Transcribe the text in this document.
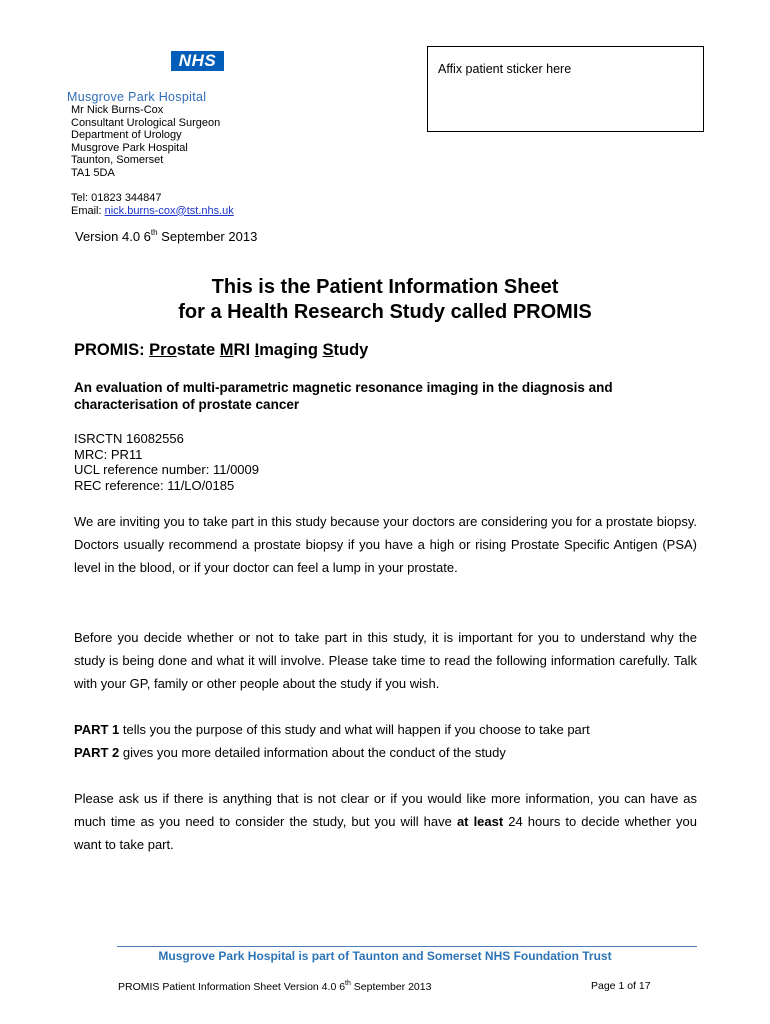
NHS
Musgrove Park Hospital
Mr Nick Burns-Cox
Consultant Urological Surgeon
Department of Urology
Musgrove Park Hospital
Taunton, Somerset
TA1 5DA
Tel: 01823 344847
Email: nick.burns-cox@tst.nhs.uk
Affix patient sticker here
Version 4.0 6th September 2013
This is the Patient Information Sheet
for a Health Research Study called PROMIS
PROMIS: Prostate MRI Imaging Study
An evaluation of multi-parametric magnetic resonance imaging in the diagnosis and characterisation of prostate cancer
ISRCTN 16082556
MRC: PR11
UCL reference number: 11/0009
REC reference: 11/LO/0185
We are inviting you to take part in this study because your doctors are considering you for a prostate biopsy. Doctors usually recommend a prostate biopsy if you have a high or rising Prostate Specific Antigen (PSA) level in the blood, or if your doctor can feel a lump in your prostate.
Before you decide whether or not to take part in this study, it is important for you to understand why the study is being done and what it will involve. Please take time to read the following information carefully. Talk with your GP, family or other people about the study if you wish.
PART 1 tells you the purpose of this study and what will happen if you choose to take part
PART 2 gives you more detailed information about the conduct of the study
Please ask us if there is anything that is not clear or if you would like more information, you can have as much time as you need to consider the study, but you will have at least 24 hours to decide whether you want to take part.
Musgrove Park Hospital is part of Taunton and Somerset NHS Foundation Trust
PROMIS Patient Information Sheet Version 4.0 6th September 2013	Page 1 of 17
